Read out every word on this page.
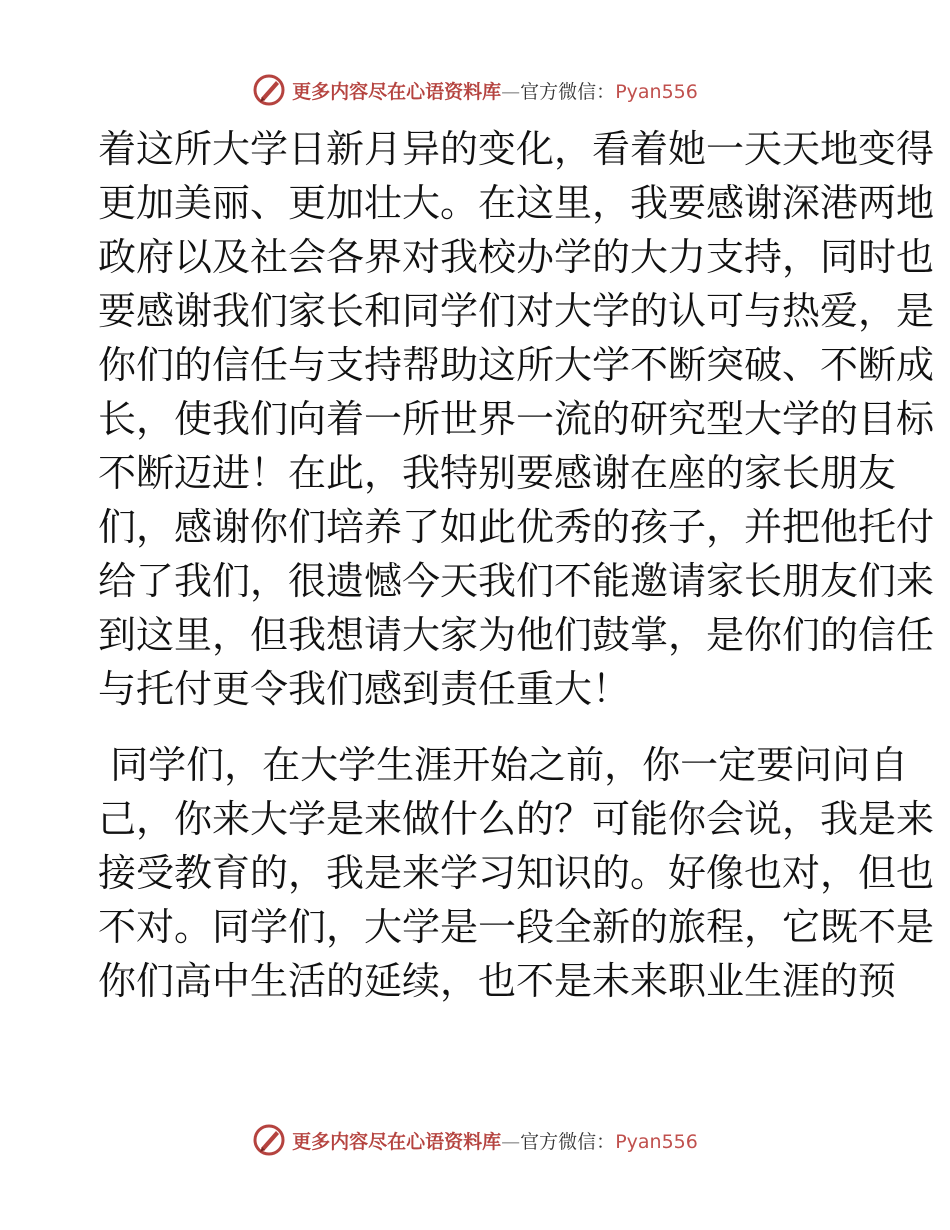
更多内容尽在心语资料库—官方微信：Pyan556
着这所大学日新月异的变化，看着她一天天地变得
更加美丽、更加壮大。在这里，我要感谢深港两地
政府以及社会各界对我校办学的大力支持，同时也
要感谢我们家长和同学们对大学的认可与热爱，是
你们的信任与支持帮助这所大学不断突破、不断成
长，使我们向着一所世界一流的研究型大学的目标
不断迈进！在此，我特别要感谢在座的家长朋友
们，感谢你们培养了如此优秀的孩子，并把他托付
给了我们，很遗憾今天我们不能邀请家长朋友们来
到这里，但我想请大家为他们鼓掌，是你们的信任
与托付更令我们感到责任重大！
同学们，在大学生涯开始之前，你一定要问问自
己，你来大学是来做什么的？可能你会说，我是来
接受教育的，我是来学习知识的。好像也对，但也
不对。同学们，大学是一段全新的旅程，它既不是
你们高中生活的延续，也不是未来职业生涯的预
更多内容尽在心语资料库—官方微信：Pyan556
